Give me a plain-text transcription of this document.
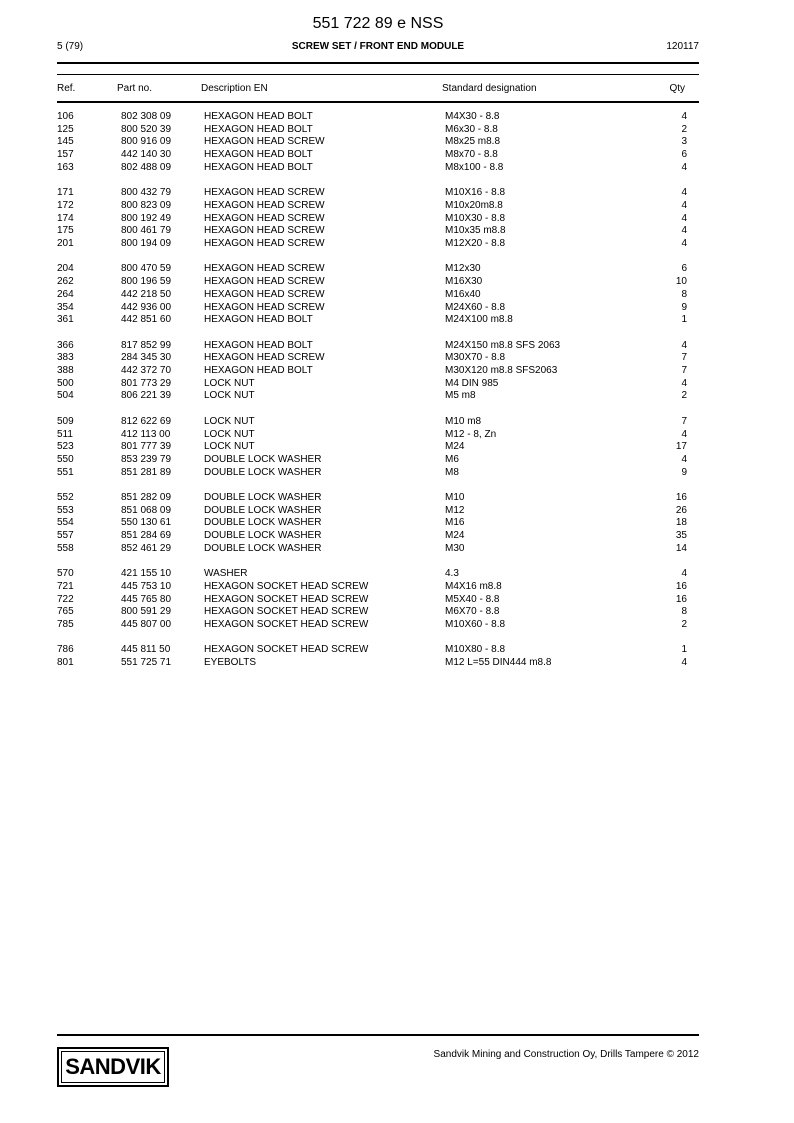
551 722 89 e NSS
5 (79)	SCREW SET / FRONT END MODULE	120117
Ref.	Part no.	Description EN	Standard designation	Qty
106	802 308 09	HEXAGON HEAD BOLT	M4X30 - 8.8	4
125	800 520 39	HEXAGON HEAD BOLT	M6x30 - 8.8	2
145	800 916 09	HEXAGON HEAD SCREW	M8x25 m8.8	3
157	442 140 30	HEXAGON HEAD BOLT	M8x70 - 8.8	6
163	802 488 09	HEXAGON HEAD BOLT	M8x100 - 8.8	4
171	800 432 79	HEXAGON HEAD SCREW	M10X16 - 8.8	4
172	800 823 09	HEXAGON HEAD SCREW	M10x20m8.8	4
174	800 192 49	HEXAGON HEAD SCREW	M10X30 - 8.8	4
175	800 461 79	HEXAGON HEAD SCREW	M10x35 m8.8	4
201	800 194 09	HEXAGON HEAD SCREW	M12X20 - 8.8	4
204	800 470 59	HEXAGON HEAD SCREW	M12x30	6
262	800 196 59	HEXAGON HEAD SCREW	M16X30	10
264	442 218 50	HEXAGON HEAD SCREW	M16x40	8
354	442 936 00	HEXAGON HEAD SCREW	M24X60 - 8.8	9
361	442 851 60	HEXAGON HEAD BOLT	M24X100 m8.8	1
366	817 852 99	HEXAGON HEAD BOLT	M24X150 m8.8 SFS 2063	4
383	284 345 30	HEXAGON HEAD SCREW	M30X70 - 8.8	7
388	442 372 70	HEXAGON HEAD BOLT	M30X120 m8.8 SFS2063	7
500	801 773 29	LOCK NUT	M4 DIN 985	4
504	806 221 39	LOCK NUT	M5 m8	2
509	812 622 69	LOCK NUT	M10 m8	7
511	412 113 00	LOCK NUT	M12 - 8, Zn	4
523	801 777 39	LOCK NUT	M24	17
550	853 239 79	DOUBLE LOCK WASHER	M6	4
551	851 281 89	DOUBLE LOCK WASHER	M8	9
552	851 282 09	DOUBLE LOCK WASHER	M10	16
553	851 068 09	DOUBLE LOCK WASHER	M12	26
554	550 130 61	DOUBLE LOCK WASHER	M16	18
557	851 284 69	DOUBLE LOCK WASHER	M24	35
558	852 461 29	DOUBLE LOCK WASHER	M30	14
570	421 155 10	WASHER	4.3	4
721	445 753 10	HEXAGON SOCKET HEAD SCREW	M4X16 m8.8	16
722	445 765 80	HEXAGON SOCKET HEAD SCREW	M5X40 - 8.8	16
765	800 591 29	HEXAGON SOCKET HEAD SCREW	M6X70 - 8.8	8
785	445 807 00	HEXAGON SOCKET HEAD SCREW	M10X60 - 8.8	2
786	445 811 50	HEXAGON SOCKET HEAD SCREW	M10X80 - 8.8	1
801	551 725 71	EYEBOLTS	M12 L=55 DIN444 m8.8	4
SANDVIK	Sandvik Mining and Construction Oy, Drills Tampere © 2012
